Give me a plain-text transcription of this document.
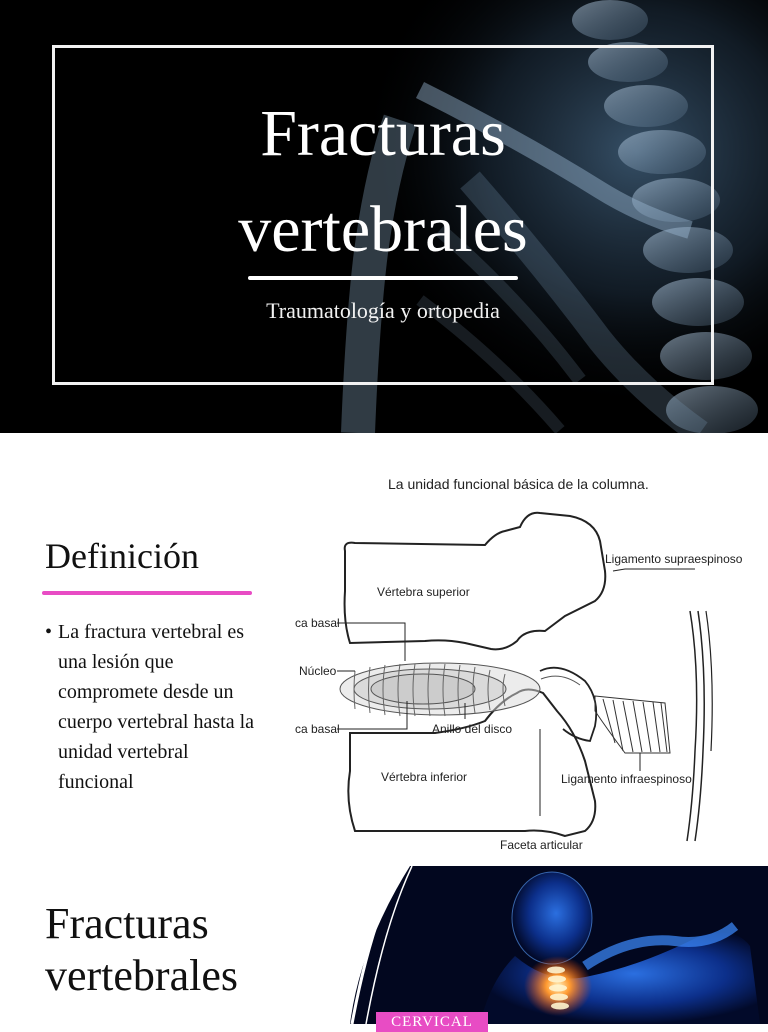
Fracturas
vertebrales
Traumatología y ortopedia
Definición
• La fractura vertebral es una lesión que compromete desde un cuerpo vertebral hasta la unidad vertebral funcional
La unidad funcional básica de la columna.
Ligamento supraespinoso
Vértebra superior
ca basal
Núcleo
Anillo del disco
ca basal
Vértebra inferior	Ligamento infraespinoso
Faceta articular
Fracturas
vertebrales
CERVICAL
